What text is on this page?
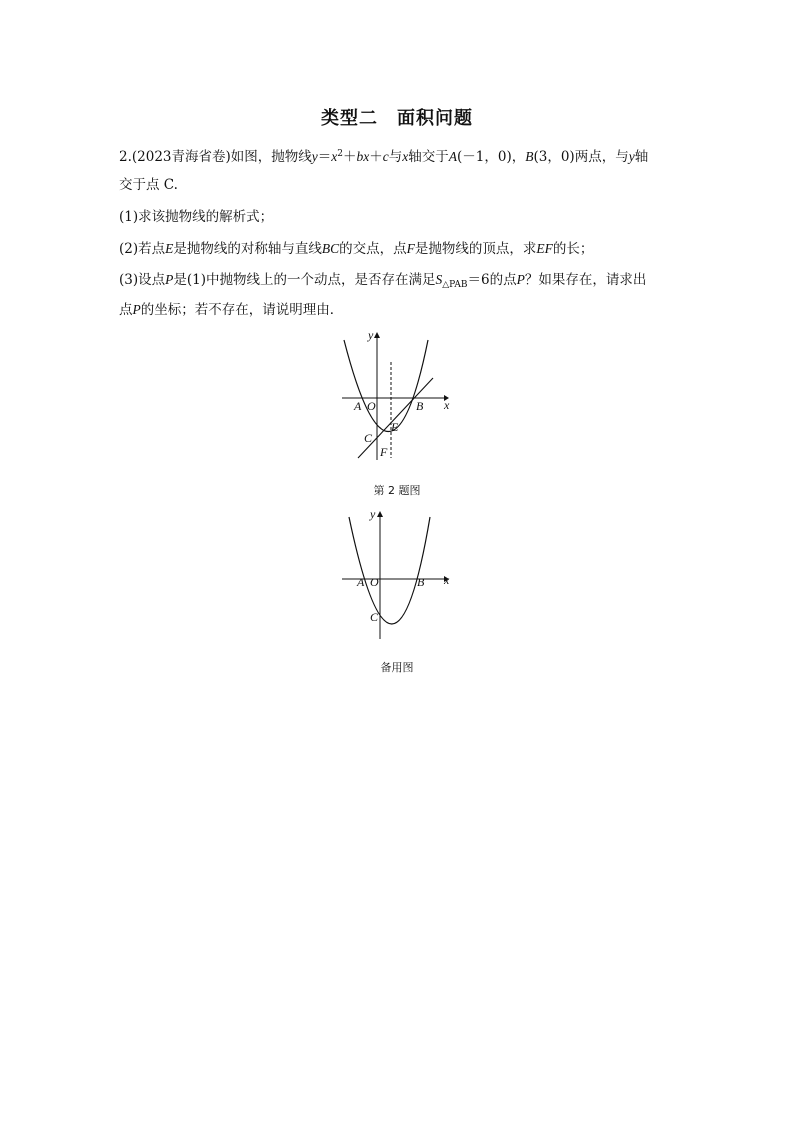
类型二　面积问题
2.(2023青海省卷)如图，抛物线$y=x^2+bx+c$与x轴交于A(－1，0)，B(3，0)两点，与y轴
交于点 C.
(1)求该抛物线的解析式；
(2)若点E是抛物线的对称轴与直线BC的交点，点F是抛物线的顶点，求EF的长；
(3)设点P是(1)中抛物线上的一个动点，是否存在满足$S_{\triangle PAB}=6$的点P？如果存在，请求出
点P的坐标；若不存在，请说明理由．
y
x
A O	B
C
E
F
第 2 题图
y
x
A O	B
C
备用图
